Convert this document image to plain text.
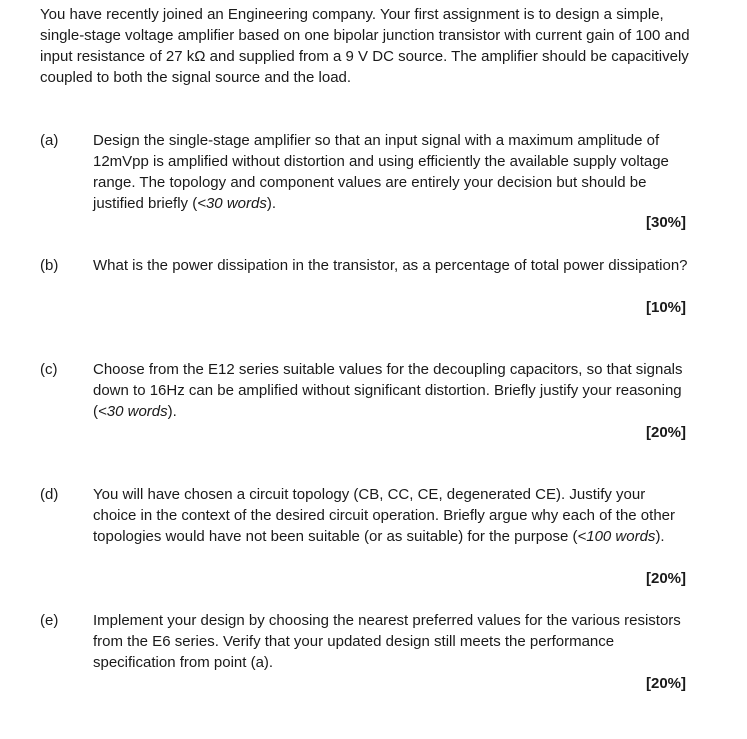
You have recently joined an Engineering company. Your first assignment is to design a simple, single-stage voltage amplifier based on one bipolar junction transistor with current gain of 100 and input resistance of 27 kΩ and supplied from a 9 V DC source. The amplifier should be capacitively coupled to both the signal source and the load.

(a)	Design the single-stage amplifier so that an input signal with a maximum amplitude of 12mVpp is amplified without distortion and using efficiently the available supply voltage range. The topology and component values are entirely your decision but should be justified briefly (<30 words).

[30%]
(b)	What is the power dissipation in the transistor, as a percentage of total power dissipation?

[10%]
(c)	Choose from the E12 series suitable values for the decoupling capacitors, so that signals down to 16Hz can be amplified without significant distortion. Briefly justify your reasoning (<30 words).

[20%]
(d)	You will have chosen a circuit topology (CB, CC, CE, degenerated CE). Justify your choice in the context of the desired circuit operation. Briefly argue why each of the other topologies would have not been suitable (or as suitable) for the purpose (<100 words).

[20%]
(e)	Implement your design by choosing the nearest preferred values for the various resistors from the E6 series. Verify that your updated design still meets the performance specification from point (a).

[20%]
